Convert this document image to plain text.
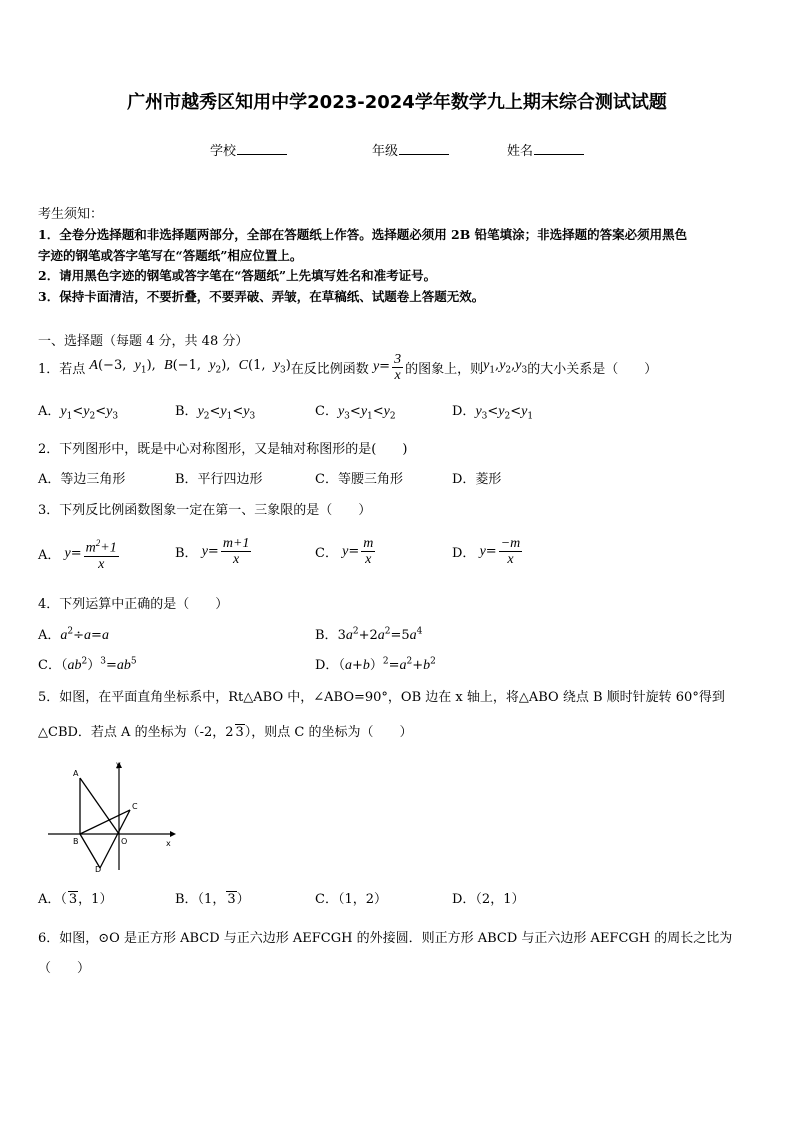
广州市越秀区知用中学2023-2024学年数学九上期末综合测试试题
学校	年级	姓名
考生须知：
1．全卷分选择题和非选择题两部分，全部在答题纸上作答。选择题必须用 2B 铅笔填涂；非选择题的答案必须用黑色
字迹的钢笔或答字笔写在“答题纸”相应位置上。
2．请用黑色字迹的钢笔或答字笔在“答题纸”上先填写姓名和准考证号。
3．保持卡面清洁，不要折叠，不要弄破、弄皱，在草稿纸、试题卷上答题无效。
一、选择题（每题 4 分，共 48 分）
1．若点 A(−3,  $y_1$),  B(−1,  $y_2$),  C(1,  $y_3$) 在反比例函数 $y= \frac{3}{x}$ 的图象上，则 $y_1,y_2,y_3$ 的大小关系是（　　）
A．$y_1<y_2<y_3$	B．$y_2<y_1<y_3$	C．$y_3<y_1<y_2$	D．$y_3<y_2<y_1$
2．下列图形中，既是中心对称图形，又是轴对称图形的是(　　)
A．等边三角形	B．平行四边形	C．等腰三角形	D．菱形
3．下列反比例函数图象一定在第一、三象限的是（　　）
A． $y= \frac{m^2+1}{x}$	B． $y= \frac{m+1}{x}$	C． $y= \frac{m}{x}$	D． $y= \frac{-m}{x}$
4．下列运算中正确的是（　　）
A．$a^2\div a=a$	B．$3a^2+2a^2=5a^4$
C．$(ab^2)^3=ab^5$	D．$(a+b)^2=a^2+b^2$
5．如图，在平面直角坐标系中，Rt△ABO 中，∠ABO=90°，OB 边在 x 轴上，将△ABO 绕点 B 顺时针旋转 60°得到
△CBD．若点 A 的坐标为（-2，2 3），则点 C 的坐标为（　　）
A
y
C
B	O	x
D
A．（ 3，1）	B．（1， 3）	C．（1，2）	D．（2，1）
6．如图，⊙O 是正方形 ABCD 与正六边形 AEFCGH 的外接圆．则正方形 ABCD 与正六边形 AEFCGH 的周长之比为
（　　）
